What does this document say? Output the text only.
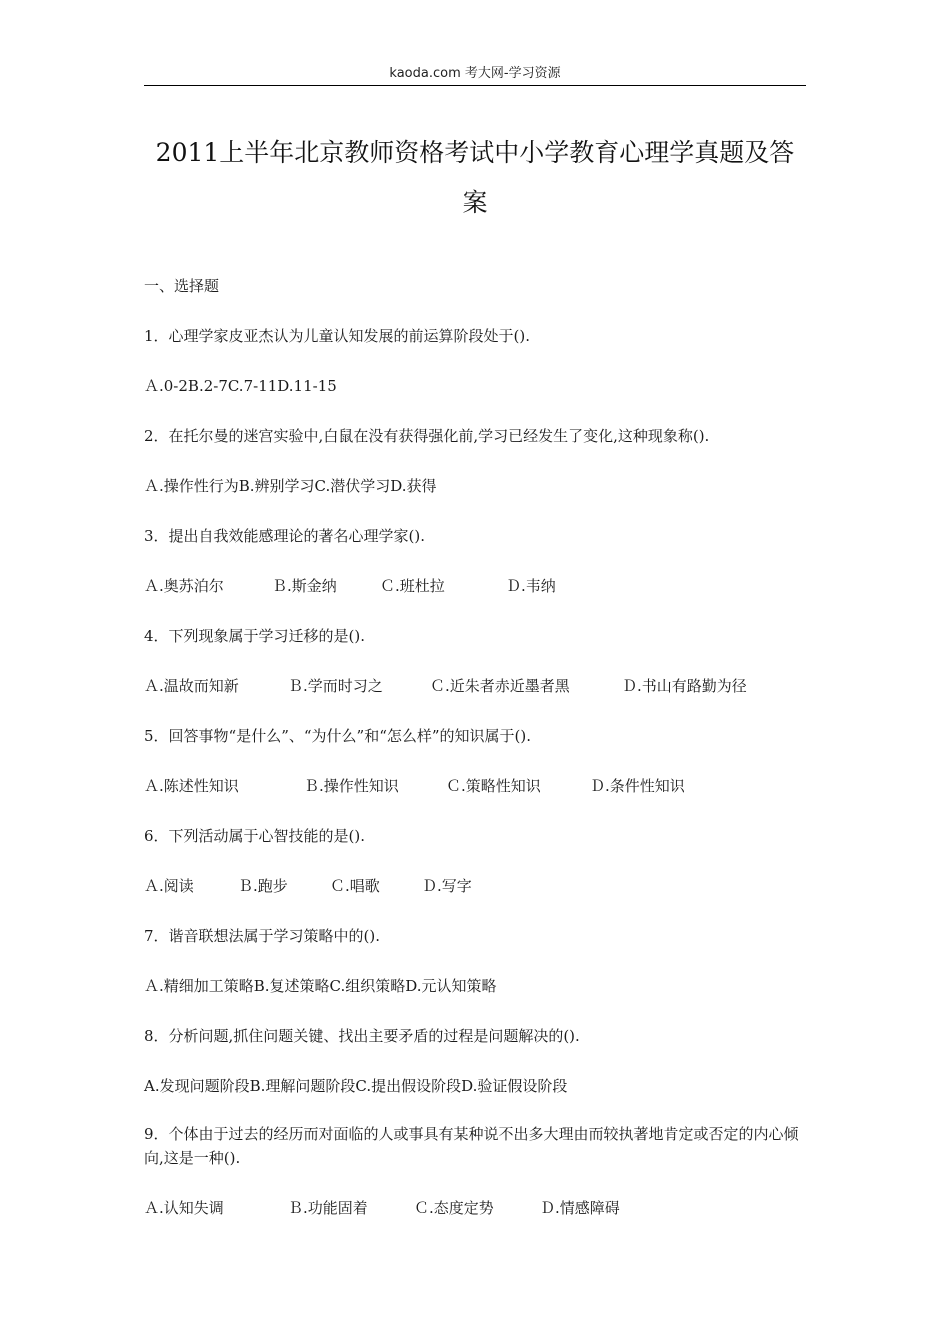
kaoda.com 考大网-学习资源
2011上半年北京教师资格考试中小学教育心理学真题及答案
一、选择题
1．心理学家皮亚杰认为儿童认知发展的前运算阶段处于().
Ａ.0-2B.2-7C.7-11D.11-15
2．在托尔曼的迷宫实验中,白鼠在没有获得强化前,学习已经发生了变化,这种现象称().
Ａ.操作性行为B.辨别学习C.潜伏学习D.获得
3．提出自我效能感理论的著名心理学家().
Ａ.奥苏泊尔	Ｂ.斯金纳	Ｃ.班杜拉	Ｄ.韦纳
4．下列现象属于学习迁移的是().
Ａ.温故而知新	Ｂ.学而时习之	Ｃ.近朱者赤近墨者黑	Ｄ.书山有路勤为径
5．回答事物“是什么”、“为什么”和“怎么样”的知识属于().
Ａ.陈述性知识	Ｂ.操作性知识	Ｃ.策略性知识	Ｄ.条件性知识
6．下列活动属于心智技能的是().
Ａ.阅读	Ｂ.跑步	Ｃ.唱歌	Ｄ.写字
7．谐音联想法属于学习策略中的().
Ａ.精细加工策略B.复述策略C.组织策略D.元认知策略
8．分析问题,抓住问题关键、找出主要矛盾的过程是问题解决的().
A.发现问题阶段B.理解问题阶段C.提出假设阶段D.验证假设阶段
9．个体由于过去的经历而对面临的人或事具有某种说不出多大理由而较执著地肯定或否定的内心倾向,这是一种().
Ａ.认知失调	Ｂ.功能固着	Ｃ.态度定势	Ｄ.情感障碍
